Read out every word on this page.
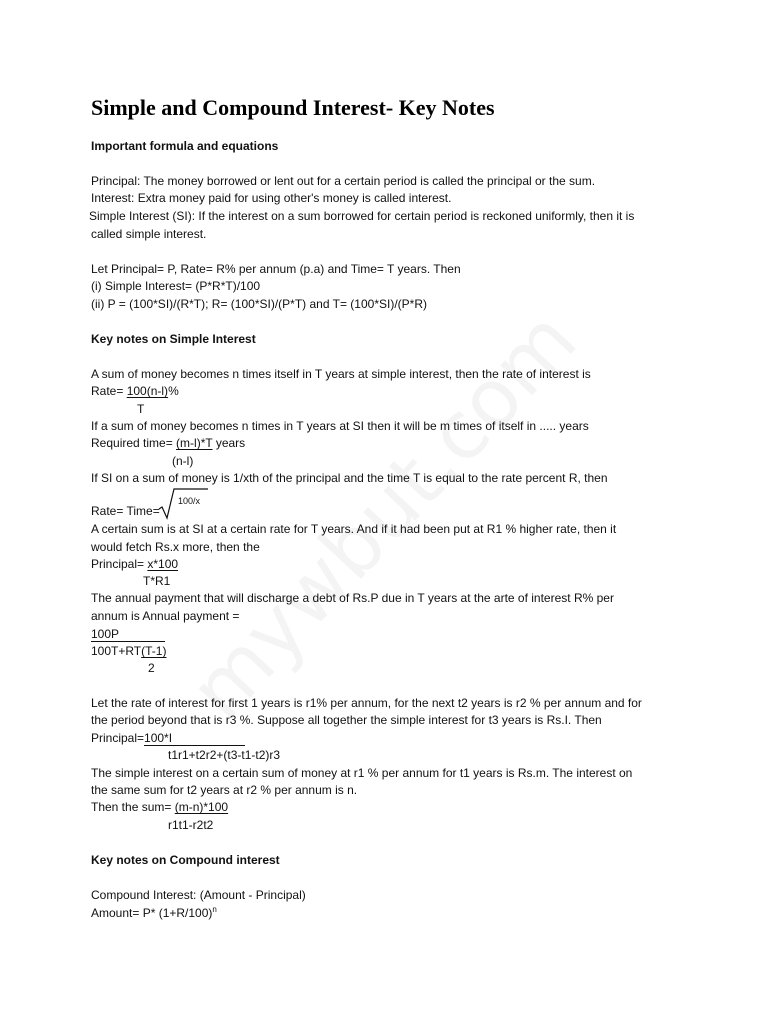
Simple and Compound Interest- Key Notes
Important formula and equations
Principal: The money borrowed or lent out for a certain period is called the principal or the sum.
Interest: Extra money paid for using other's money is called interest.
Simple Interest (SI): If the interest on a sum borrowed for certain period is reckoned uniformly, then it is
called simple interest.
Let Principal= P, Rate= R% per annum (p.a) and Time= T years. Then
(i) Simple Interest= (P*R*T)/100
(ii) P = (100*SI)/(R*T); R= (100*SI)/(P*T) and T= (100*SI)/(P*R)
Key notes on Simple Interest
A sum of money becomes n times itself in T years at simple interest, then the rate of interest is
Rate= 100(n-l)%
T
If a sum of money becomes n times in T years at SI then it will be m times of itself in ..... years
Required time= (m-l)*T years
(n-l)
If SI on a sum of money is 1/xth of the principal and the time T is equal to the rate percent R, then
Rate= Time=
100/x
A certain sum is at SI at a certain rate for T years. And if it had been put at R1 % higher rate, then it
would fetch Rs.x more, then the
Principal= x*100
T*R1
The annual payment that will discharge a debt of Rs.P due in T years at the arte of interest R% per
annum is Annual payment =
100P
100T+RT(T-1)
2
Let the rate of interest for first 1 years is r1% per annum, for the next t2 years is r2 % per annum and for
the period beyond that is r3 %. Suppose all together the simple interest for t3 years is Rs.I. Then
Principal=100*I
t1r1+t2r2+(t3-t1-t2)r3
The simple interest on a certain sum of money at r1 % per annum for t1 years is Rs.m. The interest on
the same sum for t2 years at r2 % per annum is n.
Then the sum= (m-n)*100
r1t1-r2t2
Key notes on Compound interest
Compound Interest: (Amount - Principal)
Amount= P* $(1+R/100)^n$
